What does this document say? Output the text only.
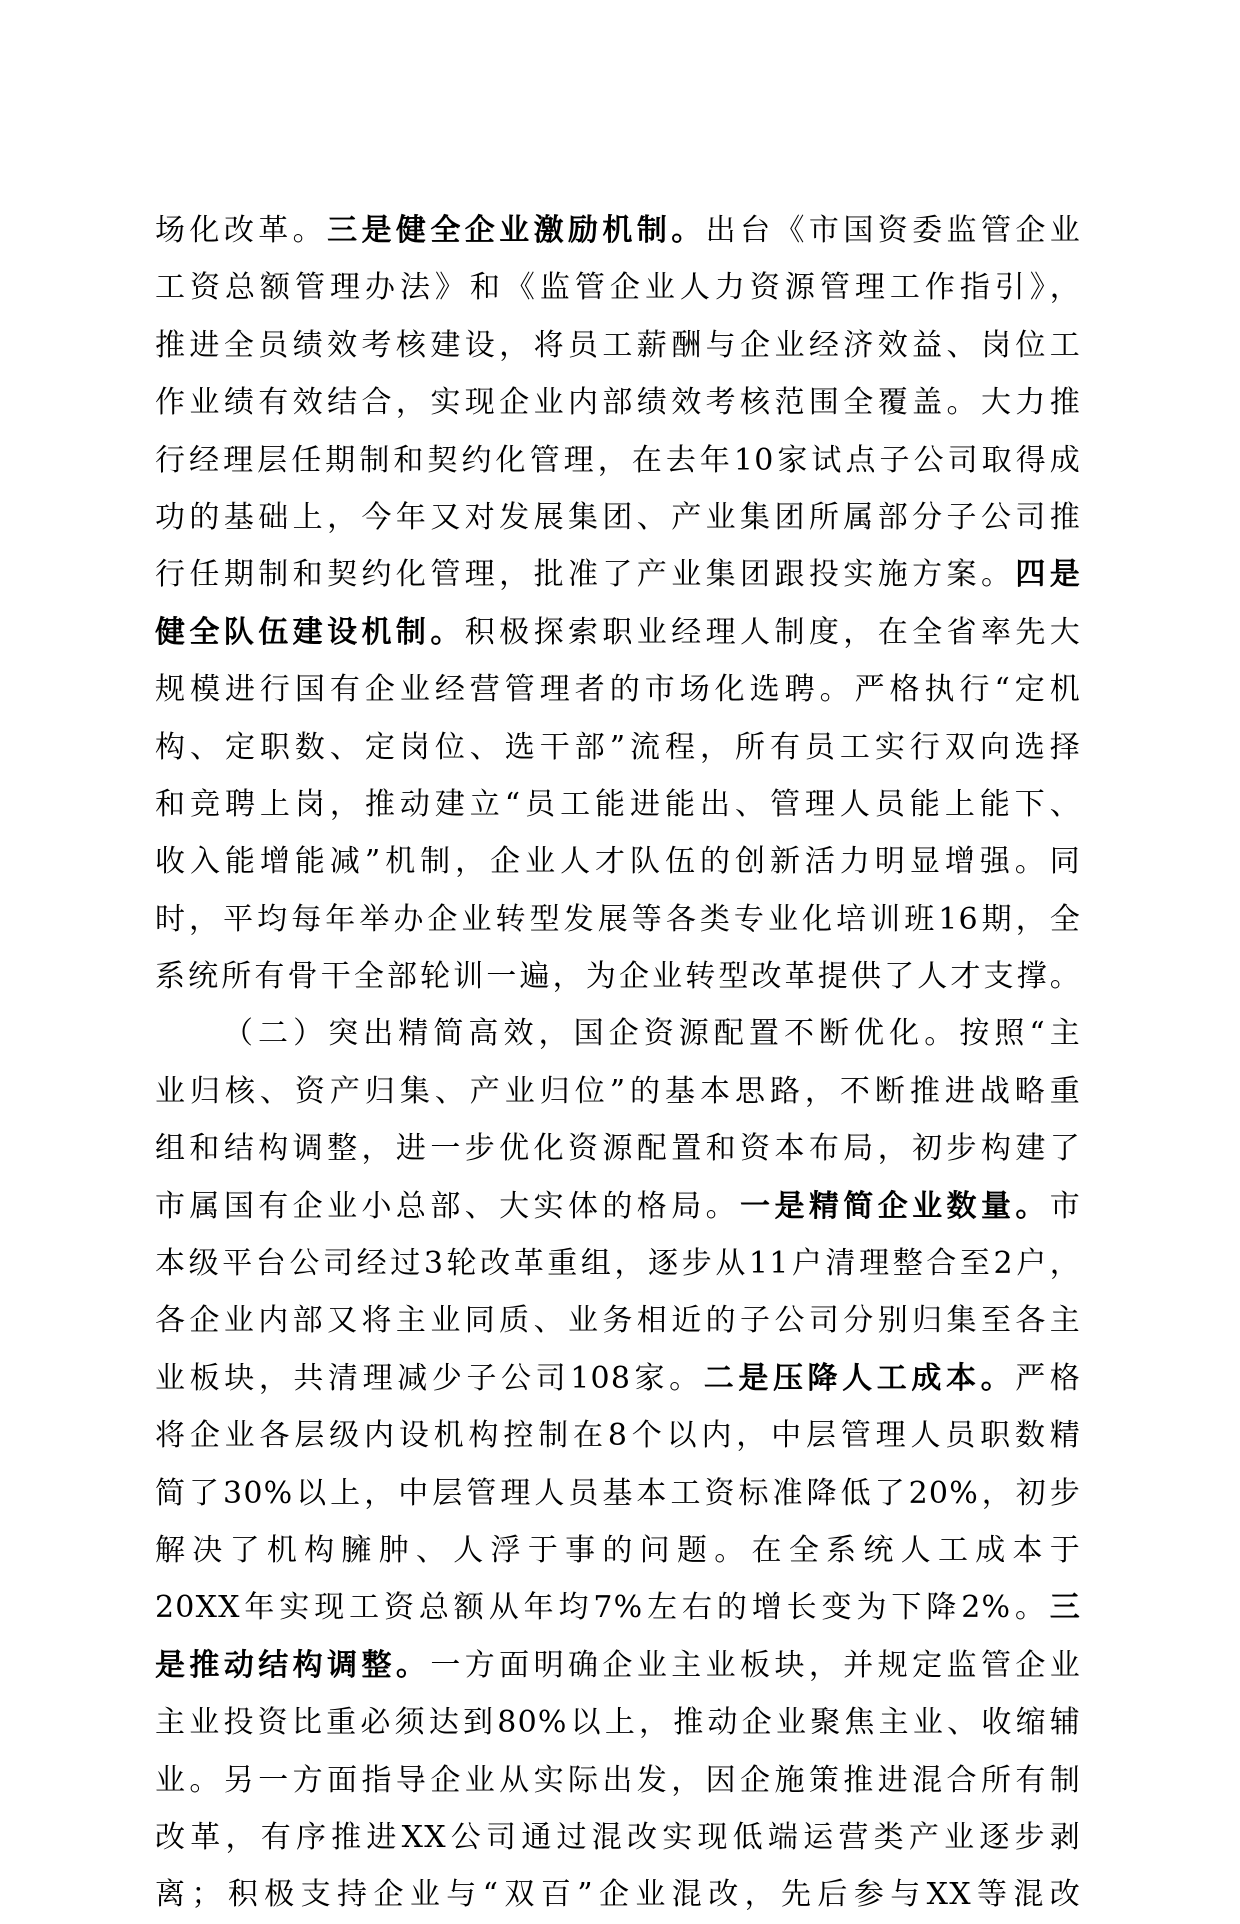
场化改革。三是健全企业激励机制。出台《市国资委监管企业
工资总额管理办法》和《监管企业人力资源管理工作指引》，
推进全员绩效考核建设，将员工薪酬与企业经济效益、岗位工
作业绩有效结合，实现企业内部绩效考核范围全覆盖。大力推
行经理层任期制和契约化管理，在去年10家试点子公司取得成
功的基础上，今年又对发展集团、产业集团所属部分子公司推
行任期制和契约化管理，批准了产业集团跟投实施方案。四是
健全队伍建设机制。积极探索职业经理人制度，在全省率先大
规模进行国有企业经营管理者的市场化选聘。严格执行“定机
构、定职数、定岗位、选干部”流程，所有员工实行双向选择
和竞聘上岗，推动建立“员工能进能出、管理人员能上能下、
收入能增能减”机制，企业人才队伍的创新活力明显增强。同
时，平均每年举办企业转型发展等各类专业化培训班16期，全
系统所有骨干全部轮训一遍，为企业转型改革提供了人才支撑。
（二）突出精简高效，国企资源配置不断优化。按照“主
业归核、资产归集、产业归位”的基本思路，不断推进战略重
组和结构调整，进一步优化资源配置和资本布局，初步构建了
市属国有企业小总部、大实体的格局。一是精简企业数量。市
本级平台公司经过3轮改革重组，逐步从11户清理整合至2户，
各企业内部又将主业同质、业务相近的子公司分别归集至各主
业板块，共清理减少子公司108家。二是压降人工成本。严格
将企业各层级内设机构控制在8个以内，中层管理人员职数精
简了30%以上，中层管理人员基本工资标准降低了20%，初步
解决了机构臃肿、人浮于事的问题。在全系统人工成本于
20XX年实现工资总额从年均7%左右的增长变为下降2%。三
是推动结构调整。一方面明确企业主业板块，并规定监管企业
主业投资比重必须达到80%以上，推动企业聚焦主业、收缩辅
业。另一方面指导企业从实际出发，因企施策推进混合所有制
改革，有序推进XX公司通过混改实现低端运营类产业逐步剥
离；积极支持企业与“双百”企业混改，先后参与XX等混改
